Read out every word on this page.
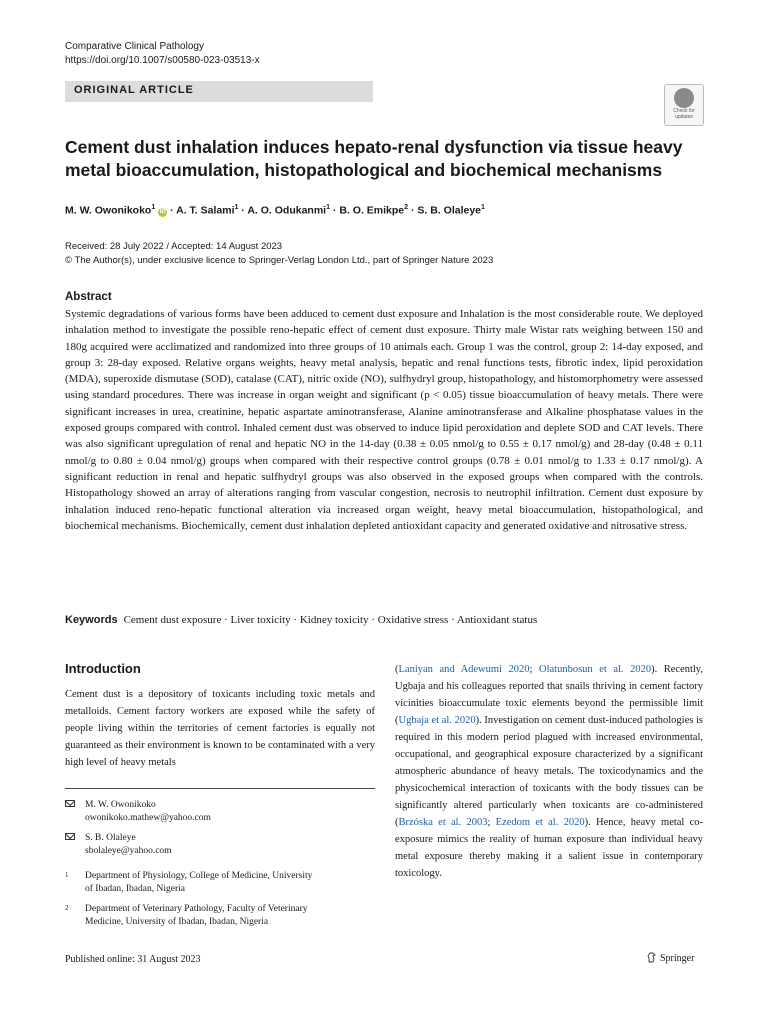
Comparative Clinical Pathology
https://doi.org/10.1007/s00580-023-03513-x
ORIGINAL ARTICLE
Check for
updates
Cement dust inhalation induces hepato-renal dysfunction via tissue heavy metal bioaccumulation, histopathological and biochemical mechanisms
M. W. Owonikoko$^1$ iD · A. T. Salami$^1$ · A. O. Odukanmi$^1$ · B. O. Emikpe$^2$ · S. B. Olaleye$^1$
Received: 28 July 2022 / Accepted: 14 August 2023
© The Author(s), under exclusive licence to Springer-Verlag London Ltd., part of Springer Nature 2023
Abstract
Systemic degradations of various forms have been adduced to cement dust exposure and Inhalation is the most considerable route. We deployed inhalation method to investigate the possible reno-hepatic effect of cement dust exposure. Thirty male Wistar rats weighing between 150 and 180g acquired were acclimatized and randomized into three groups of 10 animals each. Group 1 was the control, group 2: 14-day exposed, and group 3: 28-day exposed. Relative organs weights, heavy metal analysis, hepatic and renal functions tests, fibrotic index, lipid peroxidation (MDA), superoxide dismutase (SOD), catalase (CAT), nitric oxide (NO), sulfhydryl group, histopathology, and histomorphometry were assessed using standard procedures. There was increase in organ weight and significant (p < 0.05) tissue bioaccumulation of heavy metals. There were significant increases in urea, creatinine, hepatic aspartate aminotransferase, Alanine aminotransferase and Alkaline phosphatase values in the exposed groups compared with control. Inhaled cement dust was observed to induce lipid peroxidation and deplete SOD and CAT levels. There was also significant upregulation of renal and hepatic NO in the 14-day (0.38 ± 0.05 nmol/g to 0.55 ± 0.17 nmol/g) and 28-day (0.48 ± 0.11 nmol/g to 0.80 ± 0.04 nmol/g) groups when compared with their respective control groups (0.78 ± 0.01 nmol/g to 1.33 ± 0.17 nmol/g). A significant reduction in renal and hepatic sulfhydryl groups was also observed in the exposed groups when compared with the controls. Histopathology showed an array of alterations ranging from vascular congestion, necrosis to neutrophil infiltration. Cement dust exposure by inhalation induced reno-hepatic functional alteration via increased organ weight, heavy metal bioaccumulation, histopathological, and biochemical mechanisms. Biochemically, cement dust inhalation depleted antioxidant capacity and generated oxidative and nitrosative stress.
Keywords Cement dust exposure · Liver toxicity · Kidney toxicity · Oxidative stress · Antioxidant status
Introduction
Cement dust is a depository of toxicants including toxic metals and metalloids. Cement factory workers are exposed while the safety of people living within the territories of cement factories is equally not guaranteed as their environment is known to be contaminated with a very high level of heavy metals
(Laniyan and Adewumi 2020; Olatunbosun et al. 2020). Recently, Ugbaja and his colleagues reported that snails thriving in cement factory vicinities bioaccumulate toxic elements beyond the permissible limit (Ugbaja et al. 2020). Investigation on cement dust-induced pathologies is required in this modern period plagued with increased environmental, occupational, and geographical exposure characterized by a significant atmospheric abundance of heavy metals. The toxicodynamics and the physicochemical interaction of toxicants with the body tissues can be significantly altered particularly when toxicants are co-administered (Brzóska et al. 2003; Ezedom et al. 2020). Hence, heavy metal co-exposure mimics the reality of human exposure than individual heavy metal exposure thereby making it a salient issue in contemporary toxicology.
M. W. Owonikoko
owonikoko.mathew@yahoo.com
S. B. Olaleye
sbolaleye@yahoo.com
1 Department of Physiology, College of Medicine, University
of Ibadan, Ibadan, Nigeria
2 Department of Veterinary Pathology, Faculty of Veterinary
Medicine, University of Ibadan, Ibadan, Nigeria
Published online: 31 August 2023	Springer
